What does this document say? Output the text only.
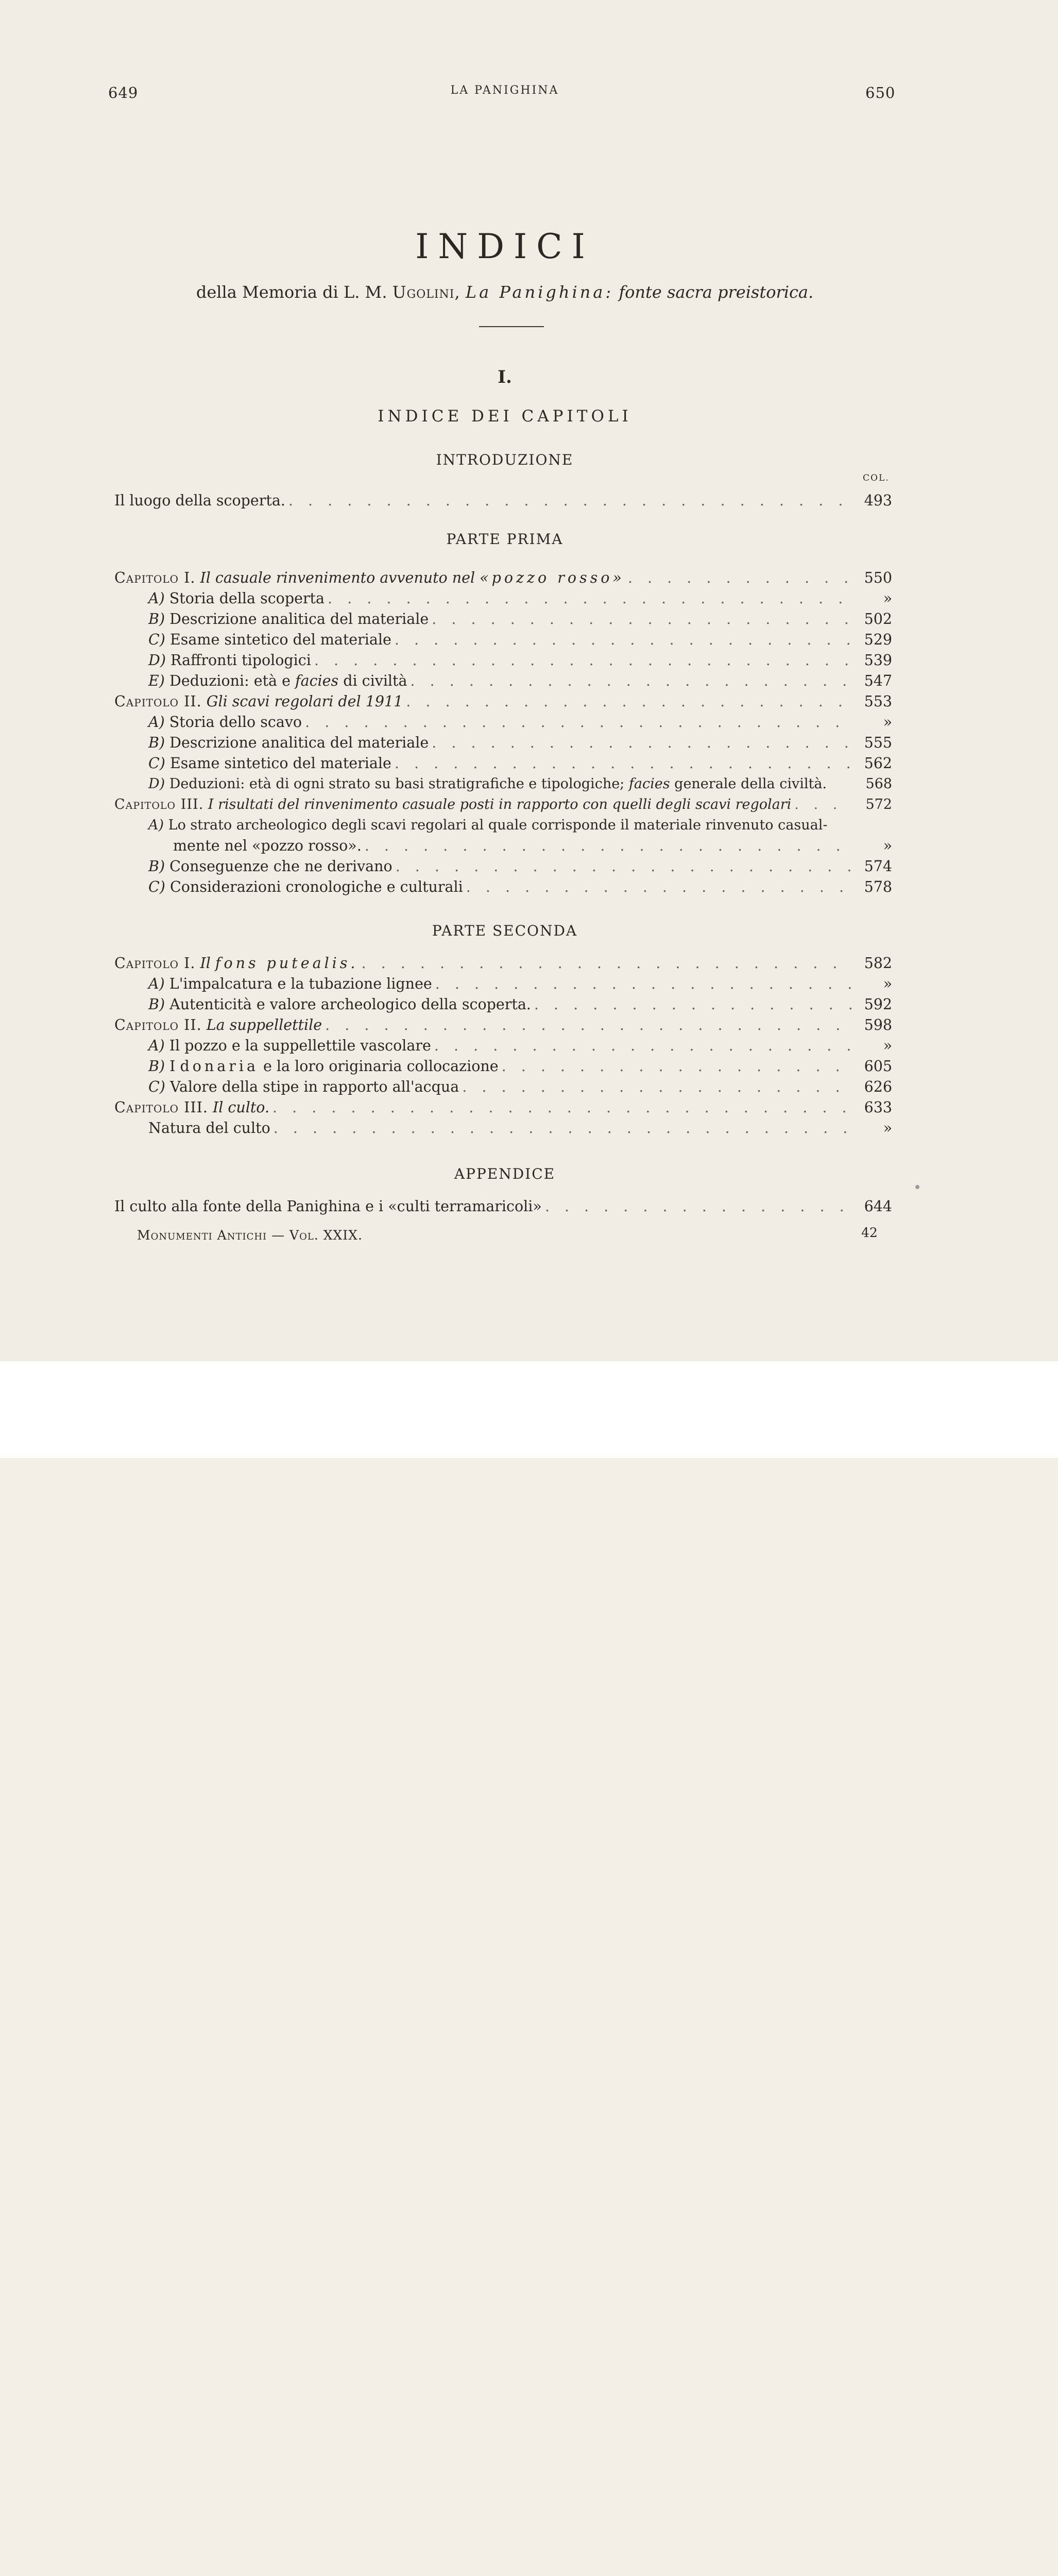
649	LA PANIGHINA	650
INDICI
della Memoria di L. M. Ugolini, La Panighina: fonte sacra preistorica.
I.
INDICE DEI CAPITOLI
INTRODUZIONE
COL.
Il luogo della scoperta. . . .	493
PARTE PRIMA
Capitolo I. Il casuale rinvenimento avvenuto nel «pozzo rosso» . . .	550
A) Storia della scoperta . . .	»
B) Descrizione analitica del materiale . . .	502
C) Esame sintetico del materiale . . .	529
D) Raffronti tipologici . . .	539
E) Deduzioni: età e facies di civiltà . . .	547
Capitolo II. Gli scavi regolari del 1911 . . .	553
A) Storia dello scavo . . .	»
B) Descrizione analitica del materiale . . .	555
C) Esame sintetico del materiale . . .	562
D) Deduzioni: età di ogni strato su basi stratigrafiche e tipologiche; facies generale della civiltà.	568
Capitolo III. I risultati del rinvenimento casuale posti in rapporto con quelli degli scavi regolari . . .	572
A) Lo strato archeologico degli scavi regolari al quale corrisponde il materiale rinvenuto casual-
mente nel «pozzo rosso». . . .	»
B) Conseguenze che ne derivano . . .	574
C) Considerazioni cronologiche e culturali . . .	578
PARTE SECONDA
Capitolo I. Il fons putealis. . . .	582
A) L'impalcatura e la tubazione lignee . . .	»
B) Autenticità e valore archeologico della scoperta. . . .	592
Capitolo II. La suppellettile . . .	598
A) Il pozzo e la suppellettile vascolare . . .	»
B) I donaria e la loro originaria collocazione . . .	605
C) Valore della stipe in rapporto all'acqua . . .	626
Capitolo III. Il culto. . . .	633
Natura del culto . . .	»
APPENDICE
Il culto alla fonte della Panighina e i «culti terramaricoli» . . .	644
Monumenti Antichi — Vol. XXIX.	42
